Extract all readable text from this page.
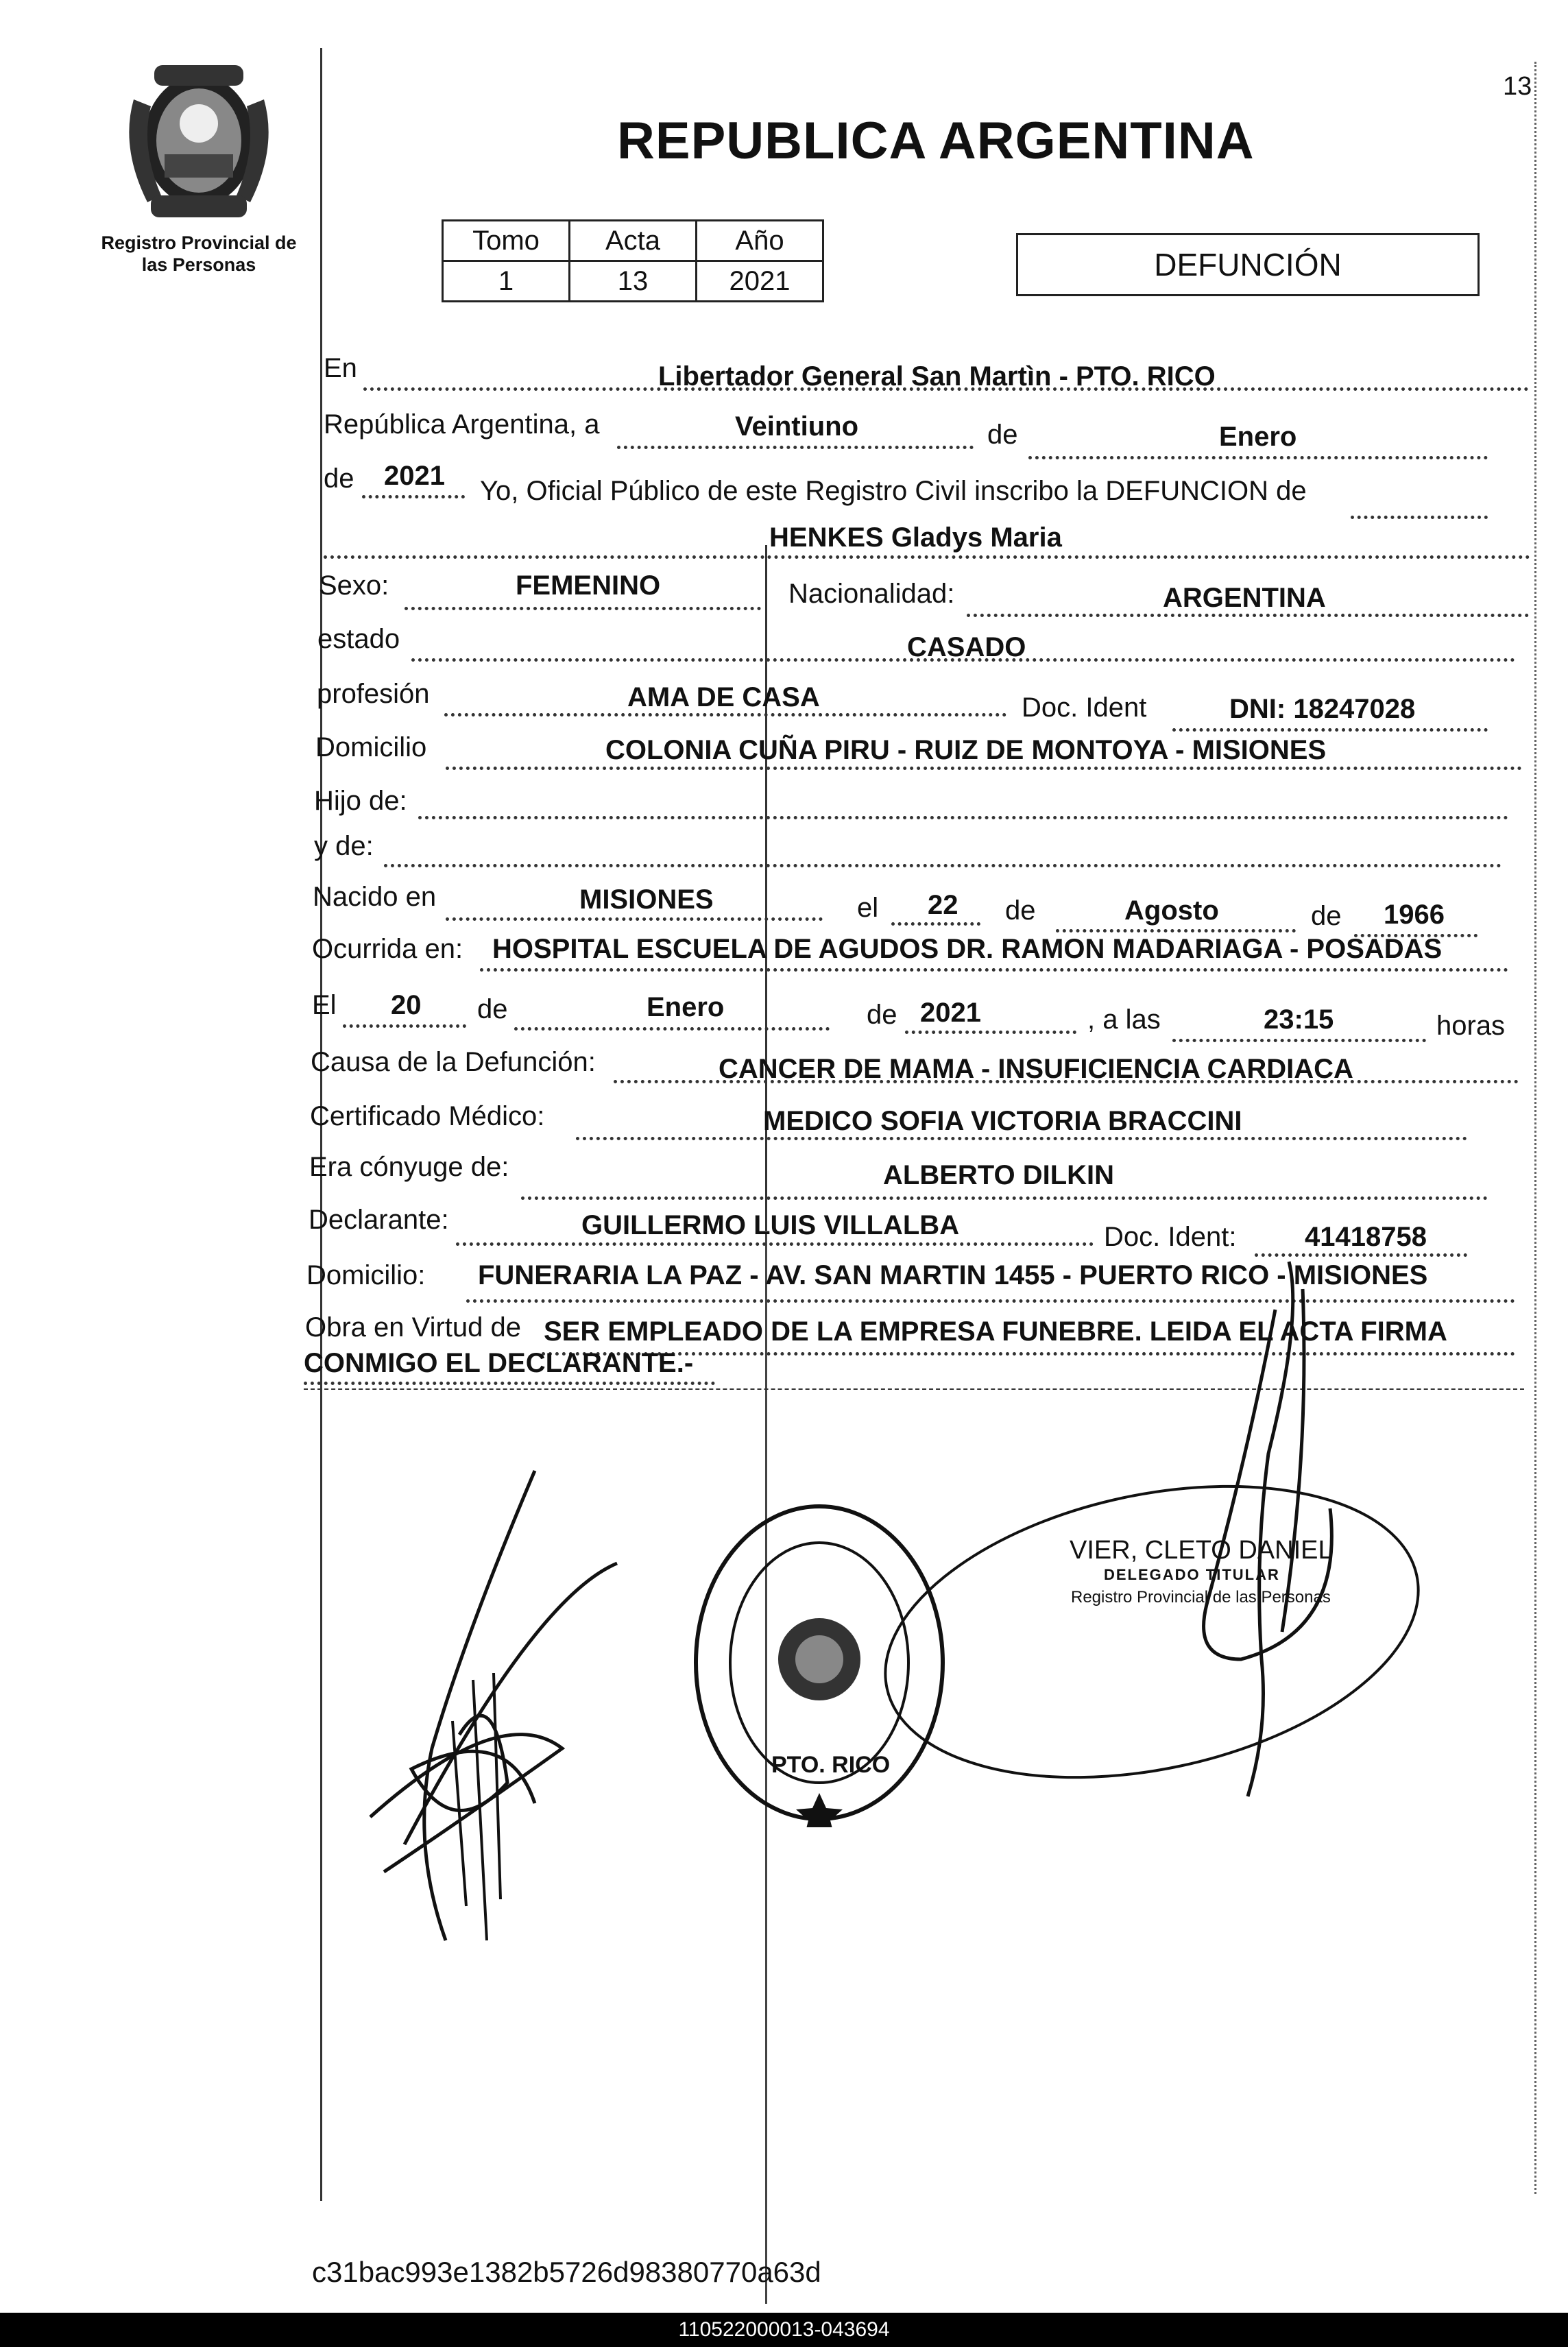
Registro Provincial de
las Personas
13
REPUBLICA ARGENTINA
Tomo	Acta	Año
1	13	2021	DEFUNCIÓN
En	Libertador General San Martìn - PTO. RICO
República Argentina, a	Veintiuno	de	Enero
de 2021 Yo, Oficial Público de este Registro Civil inscribo la DEFUNCION de
HENKES Gladys Maria
Sexo:	FEMENINO	Nacionalidad:	ARGENTINA
estado	CASADO
profesión	AMA DE CASA	Doc. Ident	DNI: 18247028
Domicilio	COLONIA CUÑA PIRU - RUIZ DE MONTOYA - MISIONES
Hijo de:
y de:
Nacido en	MISIONES	el 22 de	Agosto	de 1966
Ocurrida en: HOSPITAL ESCUELA DE AGUDOS DR. RAMON MADARIAGA - POSADAS
El 20 de	Enero	de 2021	, a las	23:15	horas
Causa de la Defunción:	CANCER DE MAMA - INSUFICIENCIA CARDIACA
Certificado Médico:	MEDICO SOFIA VICTORIA BRACCINI
Era cónyuge de:	ALBERTO DILKIN
Declarante:	GUILLERMO LUIS VILLALBA	Doc. Ident: 41418758
Domicilio: FUNERARIA LA PAZ - AV. SAN MARTIN 1455 - PUERTO RICO - MISIONES
Obra en Virtud de SER EMPLEADO DE LA EMPRESA FUNEBRE. LEIDA EL ACTA FIRMA
CONMIGO EL DECLARANTE.-
PTO. RICO
VIER, CLETO DANIEL
DELEGADO TITULAR
Registro Provincial de las Personas
c31bac993e1382b5726d98380770a63d
110522000013-043694
